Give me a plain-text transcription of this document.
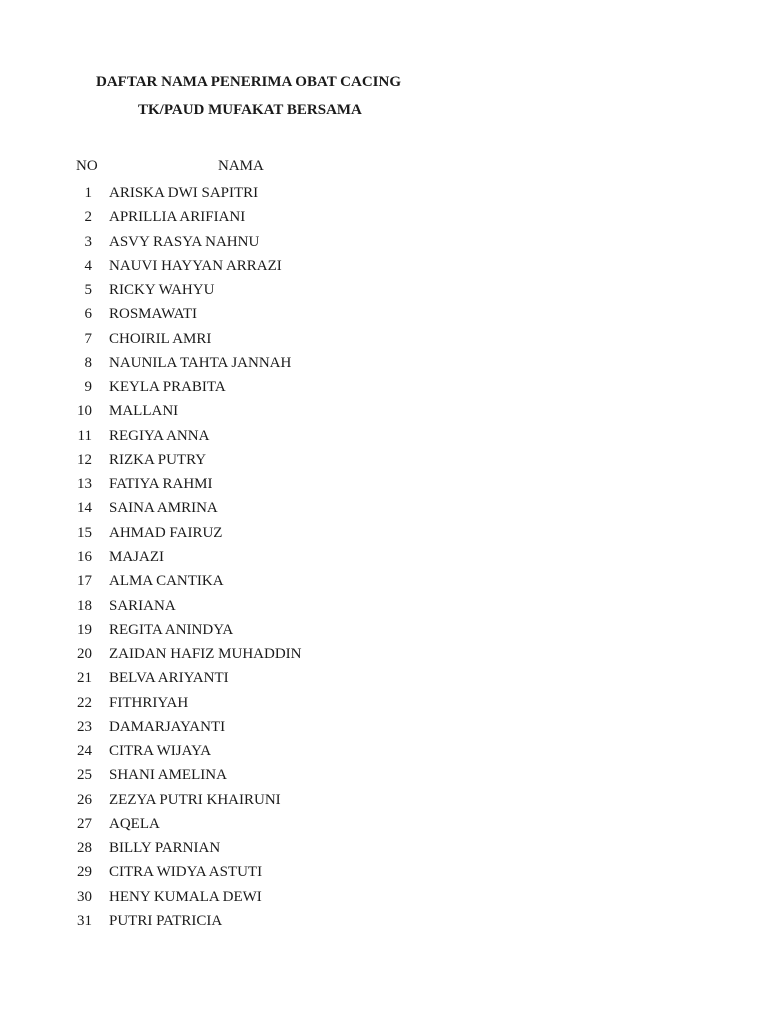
DAFTAR NAMA PENERIMA OBAT CACING
TK/PAUD MUFAKAT BERSAMA
NO	NAMA
1 ARISKA DWI SAPITRI
2 APRILLIA ARIFIANI
3 ASVY RASYA NAHNU
4 NAUVI HAYYAN ARRAZI
5 RICKY WAHYU
6 ROSMAWATI
7 CHOIRIL AMRI
8 NAUNILA TAHTA JANNAH
9 KEYLA PRABITA
10 MALLANI
11 REGIYA ANNA
12 RIZKA PUTRY
13 FATIYA RAHMI
14 SAINA AMRINA
15 AHMAD FAIRUZ
16 MAJAZI
17 ALMA CANTIKA
18 SARIANA
19 REGITA ANINDYA
20 ZAIDAN HAFIZ MUHADDIN
21 BELVA ARIYANTI
22 FITHRIYAH
23 DAMARJAYANTI
24 CITRA WIJAYA
25 SHANI AMELINA
26 ZEZYA PUTRI KHAIRUNI
27 AQELA
28 BILLY PARNIAN
29 CITRA WIDYA ASTUTI
30 HENY KUMALA DEWI
31 PUTRI PATRICIA
